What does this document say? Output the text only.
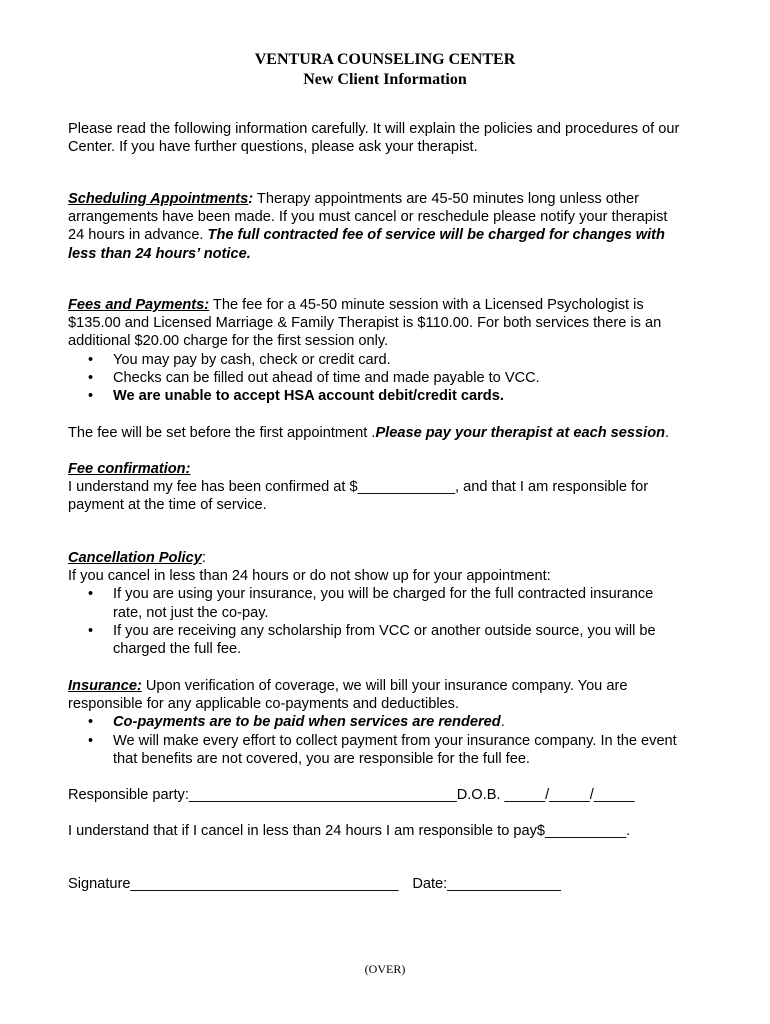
VENTURA COUNSELING CENTER
New Client Information
Please read the following information carefully. It will explain the policies and procedures of our
Center. If you have further questions, please ask your therapist.
Scheduling Appointments: Therapy appointments are 45-50 minutes long unless other
arrangements have been made. If you must cancel or reschedule please notify your therapist
24 hours in advance. The full contracted fee of service will be charged for changes with
less than 24 hours’ notice.
Fees and Payments: The fee for a 45-50 minute session with a Licensed Psychologist is
$135.00 and Licensed Marriage & Family Therapist is $110.00. For both services there is an
additional $20.00 charge for the first session only.
• You may pay by cash, check or credit card.
• Checks can be filled out ahead of time and made payable to VCC.
• We are unable to accept HSA account debit/credit cards.
The fee will be set before the first appointment .Please pay your therapist at each session.
Fee confirmation:
I understand my fee has been confirmed at $____________, and that I am responsible for
payment at the time of service.
Cancellation Policy:
If you cancel in less than 24 hours or do not show up for your appointment:
• If you are using your insurance, you will be charged for the full contracted insurance
rate, not just the co-pay.
• If you are receiving any scholarship from VCC or another outside source, you will be
charged the full fee.
Insurance: Upon verification of coverage, we will bill your insurance company. You are
responsible for any applicable co-payments and deductibles.
• Co-payments are to be paid when services are rendered.
• We will make every effort to collect payment from your insurance company. In the event
that benefits are not covered, you are responsible for the full fee.
Responsible party:_________________________________D.O.B. _____/_____/_____
I understand that if I cancel in less than 24 hours I am responsible to pay$__________.
Signature_________________________________ Date:______________
(OVER)
